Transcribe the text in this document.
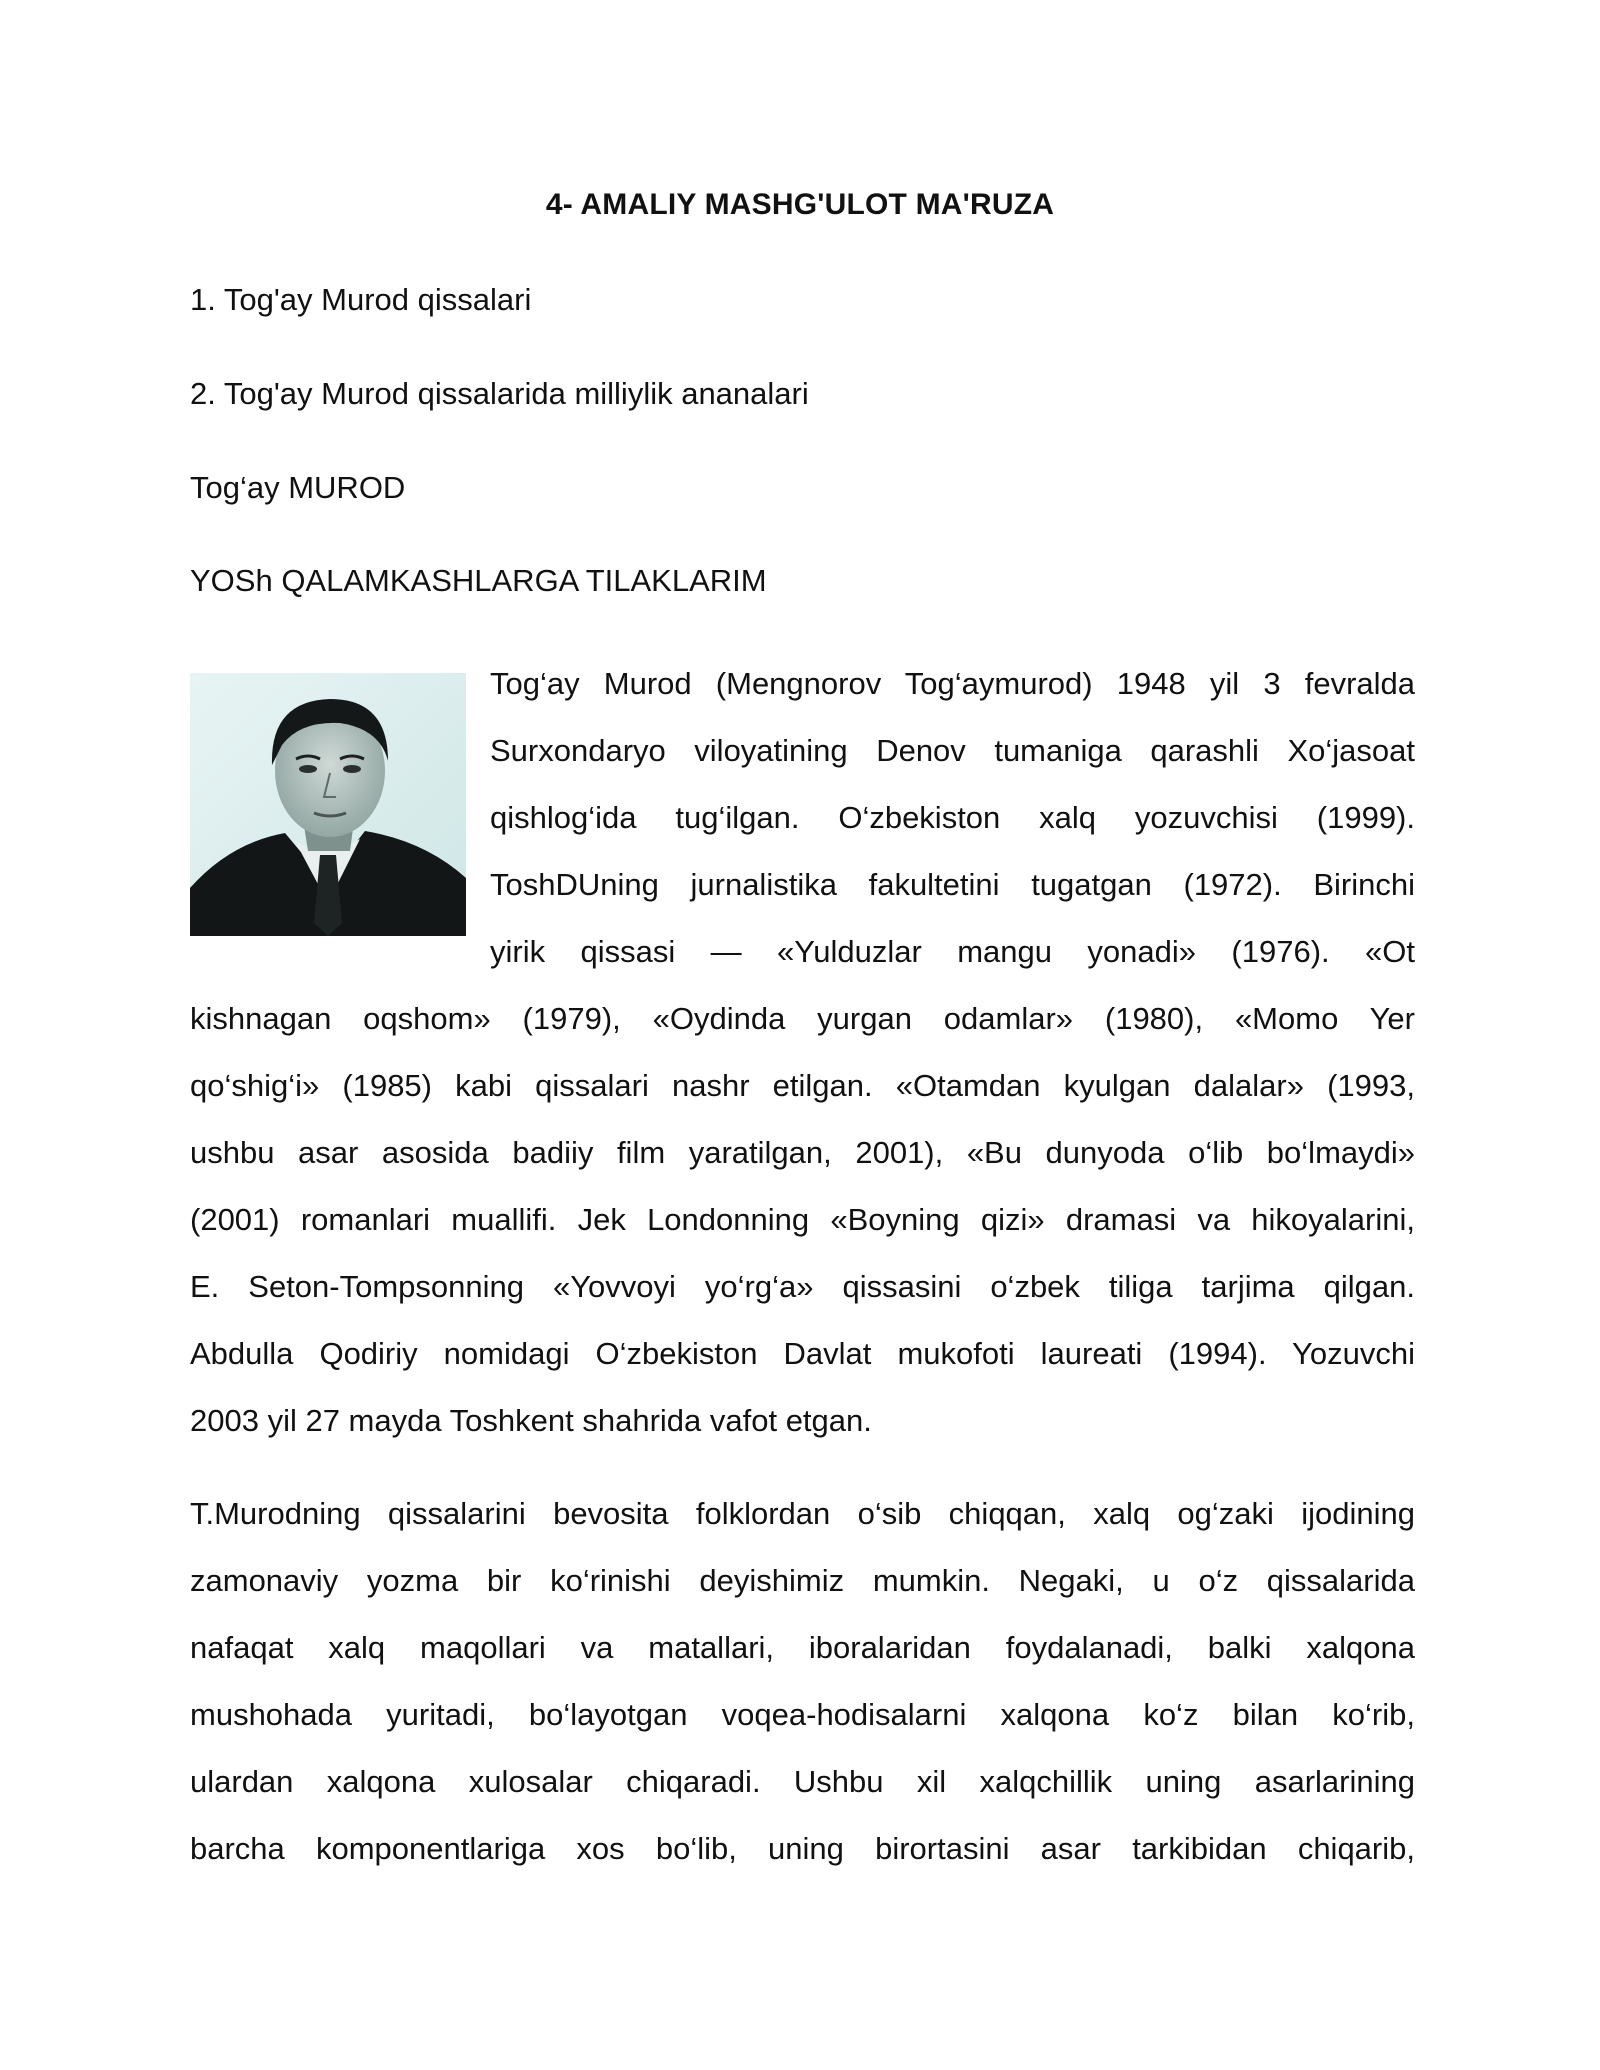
4- AMALIY MASHG'ULOT MA'RUZA
1. Tog'ay Murod qissalari
2. Tog'ay Murod qissalarida milliylik ananalari
Tog‘ay MUROD
YOSh QALAMKASHLARGA TILAKLARIM
Tog‘ay Murod (Mengnorov Tog‘aymurod) 1948 yil 3 fevralda
Surxondaryo viloyatining Denov tumaniga qarashli Xo‘jasoat
qishlog‘ida tug‘ilgan. O‘zbekiston xalq yozuvchisi (1999).
ToshDUning jurnalistika fakultetini tugatgan (1972). Birinchi
yirik qissasi — «Yulduzlar mangu yonadi» (1976). «Ot
kishnagan oqshom» (1979), «Oydinda yurgan odamlar» (1980), «Momo Yer
qo‘shig‘i» (1985) kabi qissalari nashr etilgan. «Otamdan kyulgan dalalar» (1993,
ushbu asar asosida badiiy film yaratilgan, 2001), «Bu dunyoda o‘lib bo‘lmaydi»
(2001) romanlari muallifi. Jek Londonning «Boyning qizi» dramasi va hikoyalarini,
E. Seton-Tompsonning «Yovvoyi yo‘rg‘a» qissasini o‘zbek tiliga tarjima qilgan.
Abdulla Qodiriy nomidagi O‘zbekiston Davlat mukofoti laureati (1994). Yozuvchi
2003 yil 27 mayda Toshkent shahrida vafot etgan.
T.Murodning qissalarini bevosita folklordan o‘sib chiqqan, xalq og‘zaki ijodining
zamonaviy yozma bir ko‘rinishi deyishimiz mumkin. Negaki, u o‘z qissalarida
nafaqat xalq maqollari va matallari, iboralaridan foydalanadi, balki xalqona
mushohada yuritadi, bo‘layotgan voqea-hodisalarni xalqona ko‘z bilan ko‘rib,
ulardan xalqona xulosalar chiqaradi. Ushbu xil xalqchillik uning asarlarining
barcha komponentlariga xos bo‘lib, uning birortasini asar tarkibidan chiqarib,
